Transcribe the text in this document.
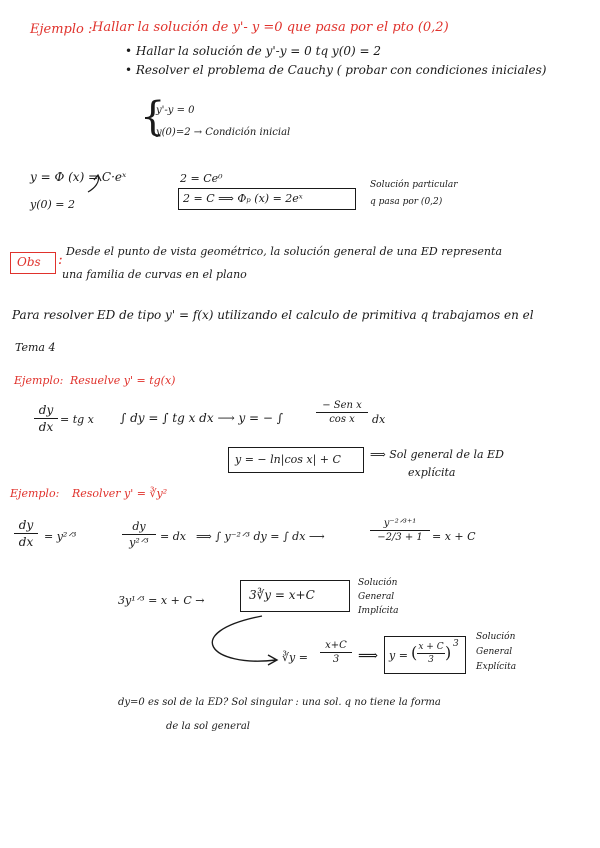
Ejemplo : Hallar la solución de y'- y =0 que pasa por el pto (0,2)
• Hallar la solución de y'-y = 0 tq y(0) = 2
• Resolver el problema de Cauchy ( probar con condiciones iniciales)
{
y'-y = 0
y(0)=2 → Condición inicial
y = Φ (x) = C·eˣ
y(0) = 2
2 = Ce⁰
2 = C ⟹ Φₚ (x) = 2eˣ
Solución particular
q pasa por (0,2)
Obs :
Desde el punto de vista geométrico, la solución general de una ED representa
una familia de curvas en el plano
Para resolver ED de tipo y' = f(x) utilizando el calculo de primitiva q trabajamos en el
Tema 4
Ejemplo: Resuelve y' = tg(x)
dy
dx
= tg x ∫ dy = ∫ tg x dx ⟶ y = − ∫
− Sen x
cos x	dx
y = − ln|cos x| + C	⟹ Sol general de la ED
explícita
Ejemplo: Resolver y' = ∛y²
dy
dx = y²ᐟ³
dy
y²ᐟ³	= dx ⟹ ∫ y⁻²ᐟ³ dy = ∫ dx ⟶
y⁻²ᐟ³⁺¹
−2/3 + 1 = x + C
3y¹ᐟ³ = x + C →	3∛y = x+C
Solución
General
Implícita
∛y =
x+C
3	⟹ y = ( x + C
3 ) 3
Solución
General
Explícita
dy=0 es sol de la ED? Sol singular : una sol. q no tiene la forma
de la sol general
